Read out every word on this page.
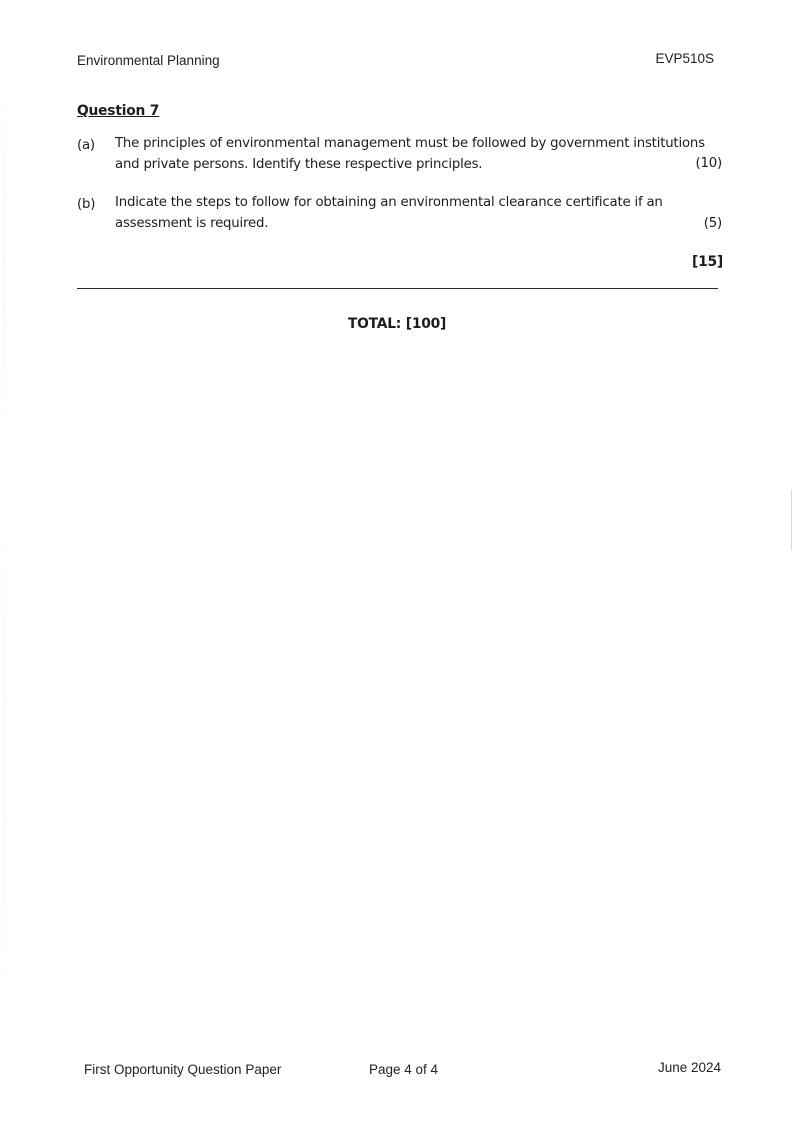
Environmental Planning	EVP510S
Question 7
(a) The principles of environmental management must be followed by government institutions
and private persons. Identify these respective principles.	(10)
(b) Indicate the steps to follow for obtaining an environmental clearance certificate if an
assessment is required.	(5)
[15]
TOTAL: [100]
First Opportunity Question Paper	Page 4 of 4	June 2024
